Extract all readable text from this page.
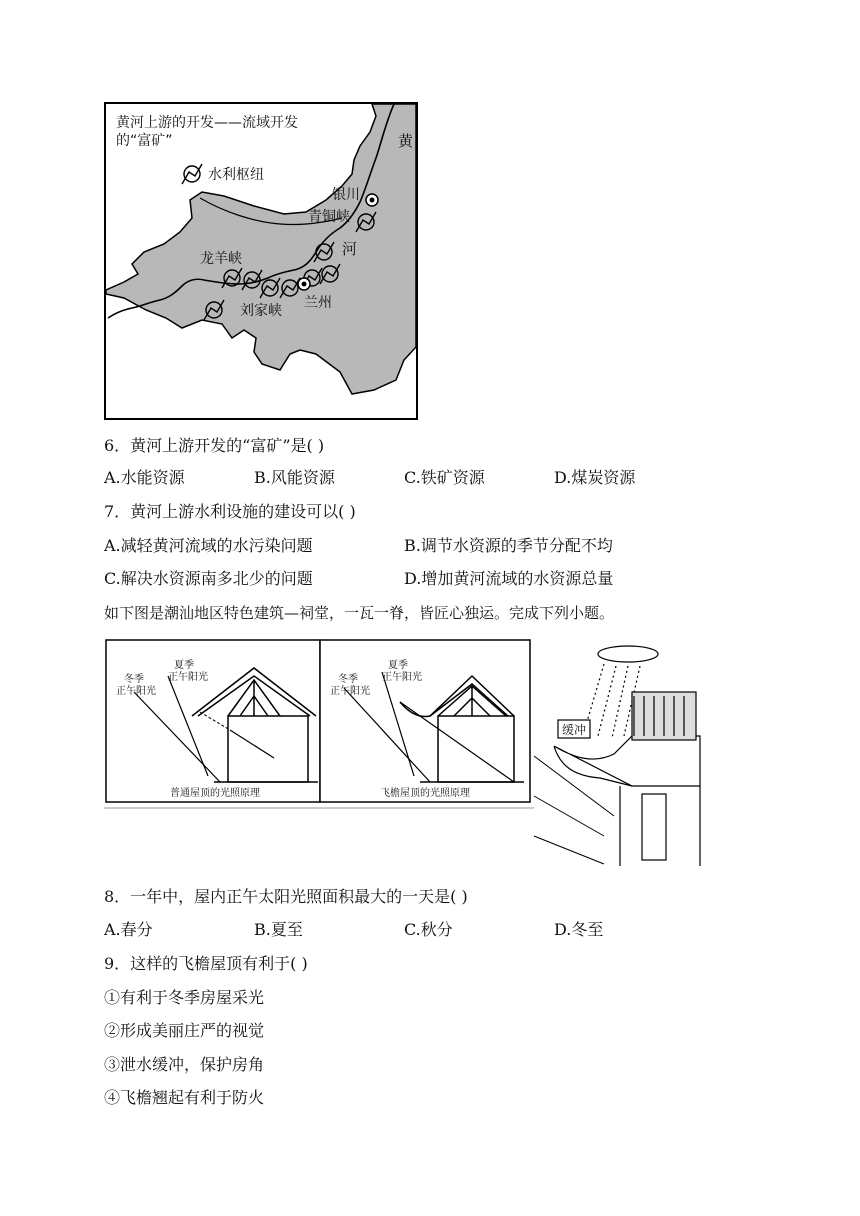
黄河上游的开发——流域开发
的“富矿”
水利枢纽
黄
银川
青铜峡
河
龙羊峡
刘家峡 兰州
6．黄河上游开发的“富矿”是( )
A.水能资源	B.风能资源	C.铁矿资源	D.煤炭资源
7．黄河上游水利设施的建设可以( )
A.减轻黄河流域的水污染问题	B.调节水资源的季节分配不均
C.解决水资源南多北少的问题	D.增加黄河流域的水资源总量
如下图是潮汕地区特色建筑—祠堂，一瓦一脊，皆匠心独运。完成下列小题。
夏季
正午阳光
冬季
正午阳光
普通屋顶的光照原理
夏季
正午阳光
冬季
正午阳光
飞檐屋顶的光照原理
缓冲
8．一年中，屋内正午太阳光照面积最大的一天是( )
A.春分	B.夏至	C.秋分	D.冬至
9．这样的飞檐屋顶有利于( )
①有利于冬季房屋采光
②形成美丽庄严的视觉
③泄水缓冲，保护房角
④飞檐翘起有利于防火
